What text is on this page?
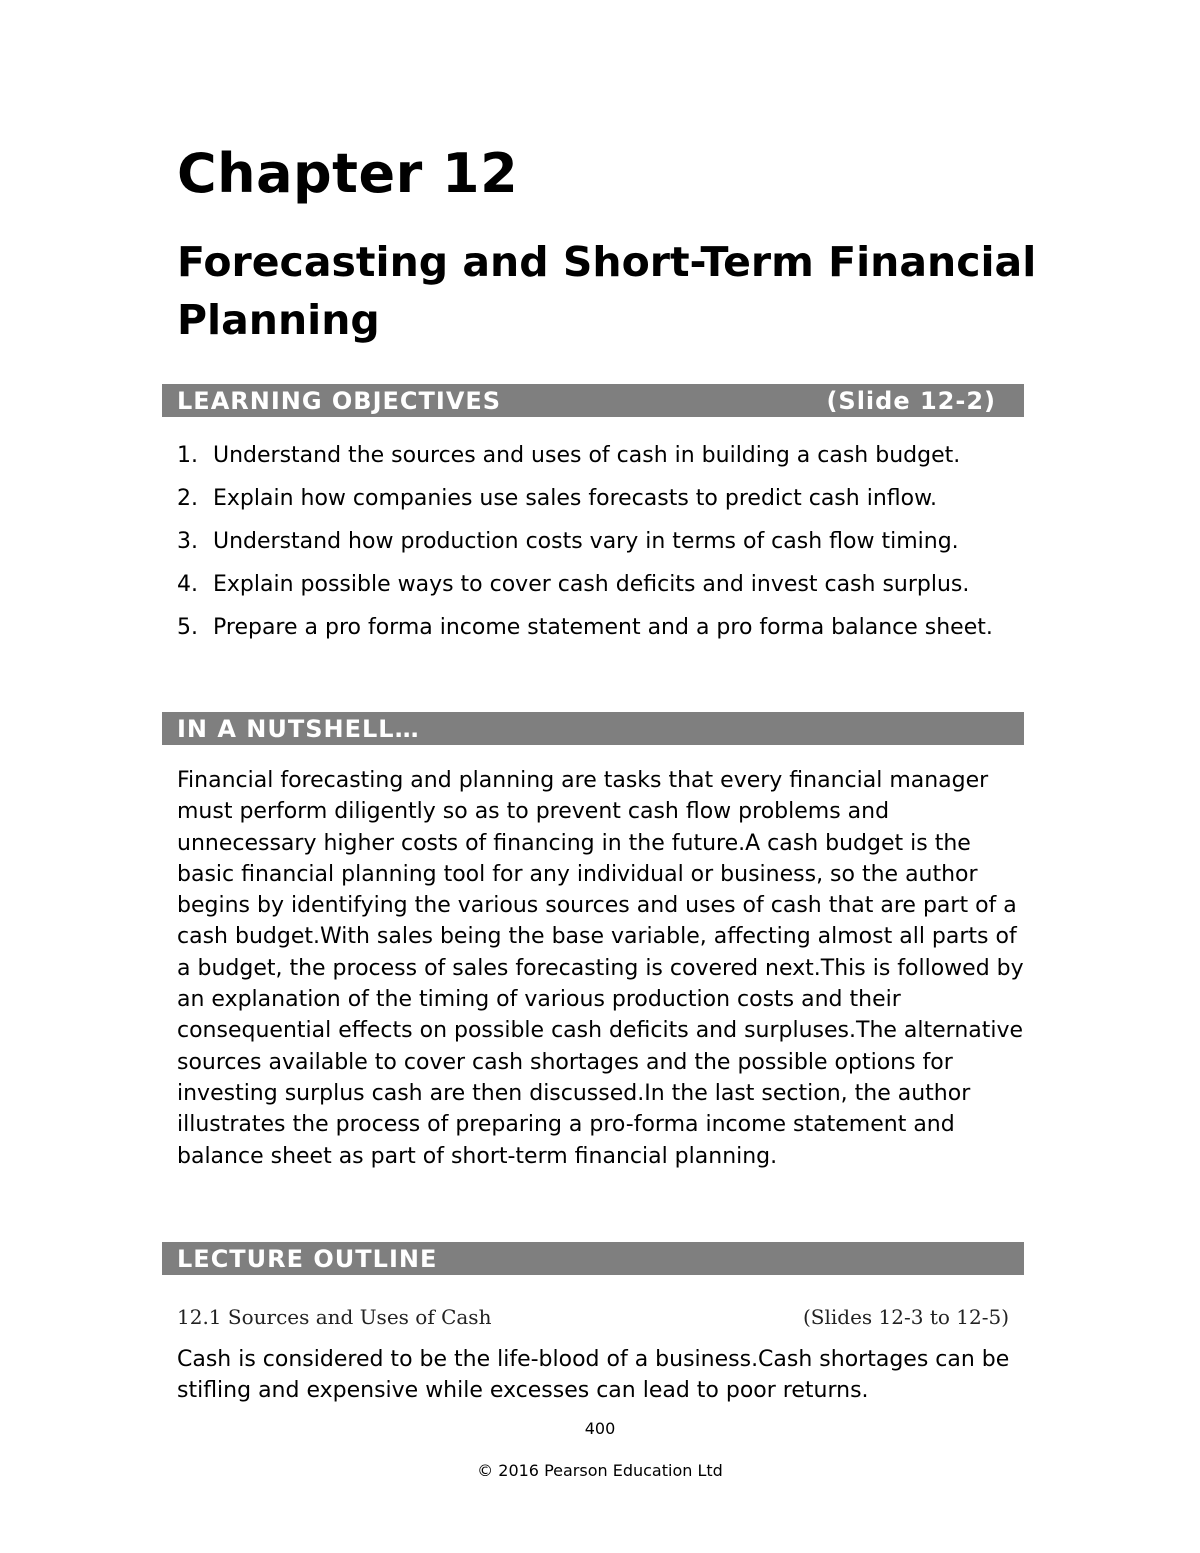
Chapter 12
Forecasting and Short-Term Financial Planning
LEARNING OBJECTIVES	(Slide 12-2)
1. Understand the sources and uses of cash in building a cash budget.
2. Explain how companies use sales forecasts to predict cash inflow.
3. Understand how production costs vary in terms of cash flow timing.
4. Explain possible ways to cover cash deficits and invest cash surplus.
5. Prepare a pro forma income statement and a pro forma balance sheet.
IN A NUTSHELL…

Financial forecasting and planning are tasks that every financial manager must perform diligently so as to prevent cash flow problems and unnecessary higher costs of financing in the future.A cash budget is the basic financial planning tool for any individual or business, so the author begins by identifying the various sources and uses of cash that are part of a cash budget.With sales being the base variable, affecting almost all parts of a budget, the process of sales forecasting is covered next.This is followed by an explanation of the timing of various production costs and their consequential effects on possible cash deficits and surpluses.The alternative sources available to cover cash shortages and the possible options for investing surplus cash are then discussed.In the last section, the author illustrates the process of preparing a pro-forma income statement and balance sheet as part of short-term financial planning.

LECTURE OUTLINE
12.1 Sources and Uses of Cash	(Slides 12-3 to 12-5)

Cash is considered to be the life-blood of a business.Cash shortages can be stifling and expensive while excesses can lead to poor returns.

400
© 2016 Pearson Education Ltd
